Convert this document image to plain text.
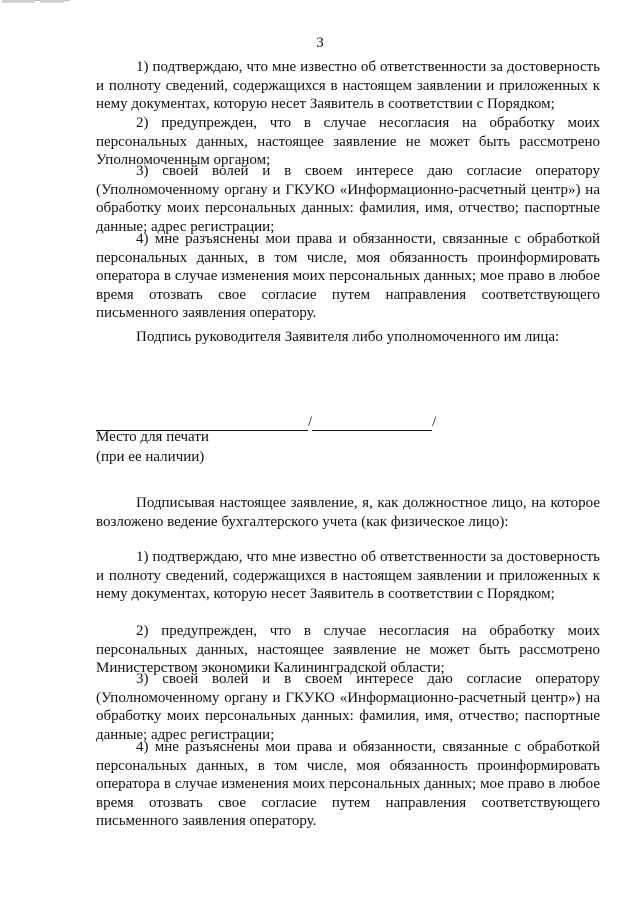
3

1) подтверждаю, что мне известно об ответственности за достоверность и полноту сведений, содержащихся в настоящем заявлении и приложенных к нему документах, которую несет Заявитель в соответствии с Порядком;

2) предупрежден, что в случае несогласия на обработку моих персональных данных, настоящее заявление не может быть рассмотрено Уполномоченным органом;

3) своей волей и в своем интересе даю согласие оператору (Уполномоченному органу и ГКУКО «Информационно-расчетный центр») на обработку моих персональных данных: фамилия, имя, отчество; паспортные данные; адрес регистрации;

4) мне разъяснены мои права и обязанности, связанные с обработкой персональных данных, в том числе, моя обязанность проинформировать оператора в случае изменения моих персональных данных; мое право в любое время отозвать свое согласие путем направления соответствующего письменного заявления оператору.

Подпись руководителя Заявителя либо уполномоченного им лица:

/	/
Место для печати
(при ее наличии)

Подписывая настоящее заявление, я, как должностное лицо, на которое возложено ведение бухгалтерского учета (как физическое лицо):

1) подтверждаю, что мне известно об ответственности за достоверность и полноту сведений, содержащихся в настоящем заявлении и приложенных к нему документах, которую несет Заявитель в соответствии с Порядком;

2) предупрежден, что в случае несогласия на обработку моих персональных данных, настоящее заявление не может быть рассмотрено Министерством экономики Калининградской области;

3) своей волей и в своем интересе даю согласие оператору (Уполномоченному органу и ГКУКО «Информационно-расчетный центр») на обработку моих персональных данных: фамилия, имя, отчество; паспортные данные; адрес регистрации;

4) мне разъяснены мои права и обязанности, связанные с обработкой персональных данных, в том числе, моя обязанность проинформировать оператора в случае изменения моих персональных данных; мое право в любое время отозвать свое согласие путем направления соответствующего письменного заявления оператору.
